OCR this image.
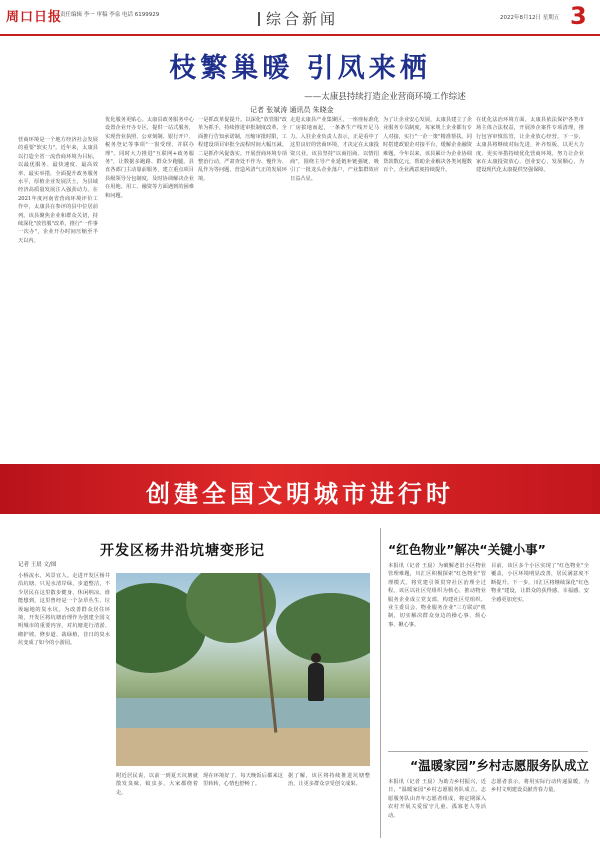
周口日报
责任编辑 李一 审稿 李泉 电话 6199929	综合新闻	2022年8月12日 星期五 3
枝繁巢暖 引凤来栖
——太康县持续打造企业营商环境工作综述
记者 张斌涛 通讯员 朱晓金
营商环境是一个地方经济社会发展的重要"软实力"。近年来，太康县以打造全省一流营商环境为目标，以最优服务、最快速度、最高效率、最实举措，全面提升政务服务水平，厚植企业发展沃土，为县域经济高质量发展注入强劲动力。在2021年度河南省营商环境评价工作中，太康县在参评的县中位居前列。该县聚焦企业和群众关切，持续深化"放管服"改革，推行"一件事一次办"，企业开办时间压缩至半天以内。
优化服务更贴心。太康县政务服务中心设置企业开办专区，提供一站式服务，实现营业执照、公章刻制、银行开户、税务登记等事项"一窗受理、并联办理"。同时大力推进"互联网+政务服务"，让数据多跑路、群众少跑腿。县直各部门主动靠前服务，建立重点项目县级领导分包制度，及时协调解决企业在用地、用工、融资等方面遇到的困难和问题。
一是抓改革促提升。以深化"放管服"改革为抓手，持续推进审批制度改革，全面推行告知承诺制，压缩审批时限，工程建设项目审批全流程时间大幅压减。二是抓作风促落实。开展营商环境专项整治行动，严肃查处不作为、慢作为、乱作为等问题，营造风清气正的发展环境。
走进太康县产业集聚区，一座座标准化厂房拔地而起，一条条生产线开足马力。入驻企业负责人表示，正是看中了这里良好的营商环境，才决定在太康投资兴业。该县坚持"以商招商、以情招商"，围绕主导产业延链补链强链，吸引了一批龙头企业落户，产业集群效应日益凸显。
为了让企业安心发展，太康县建立了企业服务专员制度，每家规上企业都有专人对接，实行"一企一策"精准帮扶。同时搭建政银企对接平台，缓解企业融资难题。今年以来，该县累计为企业协调贷款数亿元，帮助企业解决各类问题数百个，企业满意度持续提升。
在优化法治环境方面，太康县依法保护各类市场主体合法权益，开展涉企案件专项清理，推行包容审慎监管，让企业放心经营。下一步，太康县将继续对标先进，补齐短板，以更大力度、更实举措持续优化营商环境，努力让企业家在太康投资放心、创业安心、发展顺心，为建设现代化太康提供坚强保障。
创建全国文明城市进行时
开发区杨井沿坑塘变形记
记者 王晨 文/图
小桥流水，风景宜人。走进开发区杨井沿坑塘，只见水清岸绿，步道整洁，不少居民在这里散步健身、休闲纳凉。谁能想到，这里曾经是一个杂草丛生、垃圾遍地的臭水坑。为改善群众居住环境，开发区将坑塘治理作为创建全国文明城市的重要内容，对坑塘进行清淤、砌护坡、修步道、栽绿植，昔日的臭水坑变成了如今的小游园。
附近居民说，以前一到夏天坑塘就散发臭味，蚊虫多，大家都绕着走。
现在环境好了，每天晚饭后都来这里转转，心情也舒畅了。
据了解，该区将持续推进坑塘整治，让更多群众享受创文成果。
“红色物业”解决“关键小事”
本报讯（记者 王晨）为破解老旧小区物业管理难题，川汇区积极探索"红色物业"管理模式，将党建引领贯穿社区治理全过程。该区以社区党组织为核心，推动物业服务企业成立党支部，构建社区党组织、业主委员会、物业服务企业"三方联动"机制，切实解决群众身边的操心事、烦心事、揪心事。
目前，该区多个小区实现了"红色物业"全覆盖，小区环境明显改善，居民满意度不断提升。下一步，川汇区将继续深化"红色物业"建设，让群众的获得感、幸福感、安全感更加充实。
“温暖家园”乡村志愿服务队成立
本报讯（记者 王晨）为助力乡村振兴，近日，"温暖家园"乡村志愿服务队成立。志愿服务队由青年志愿者组成，将定期深入农村开展关爱留守儿童、孤寡老人等活动。
志愿者表示，将用实际行动传递温暖，为乡村文明建设贡献青春力量。
